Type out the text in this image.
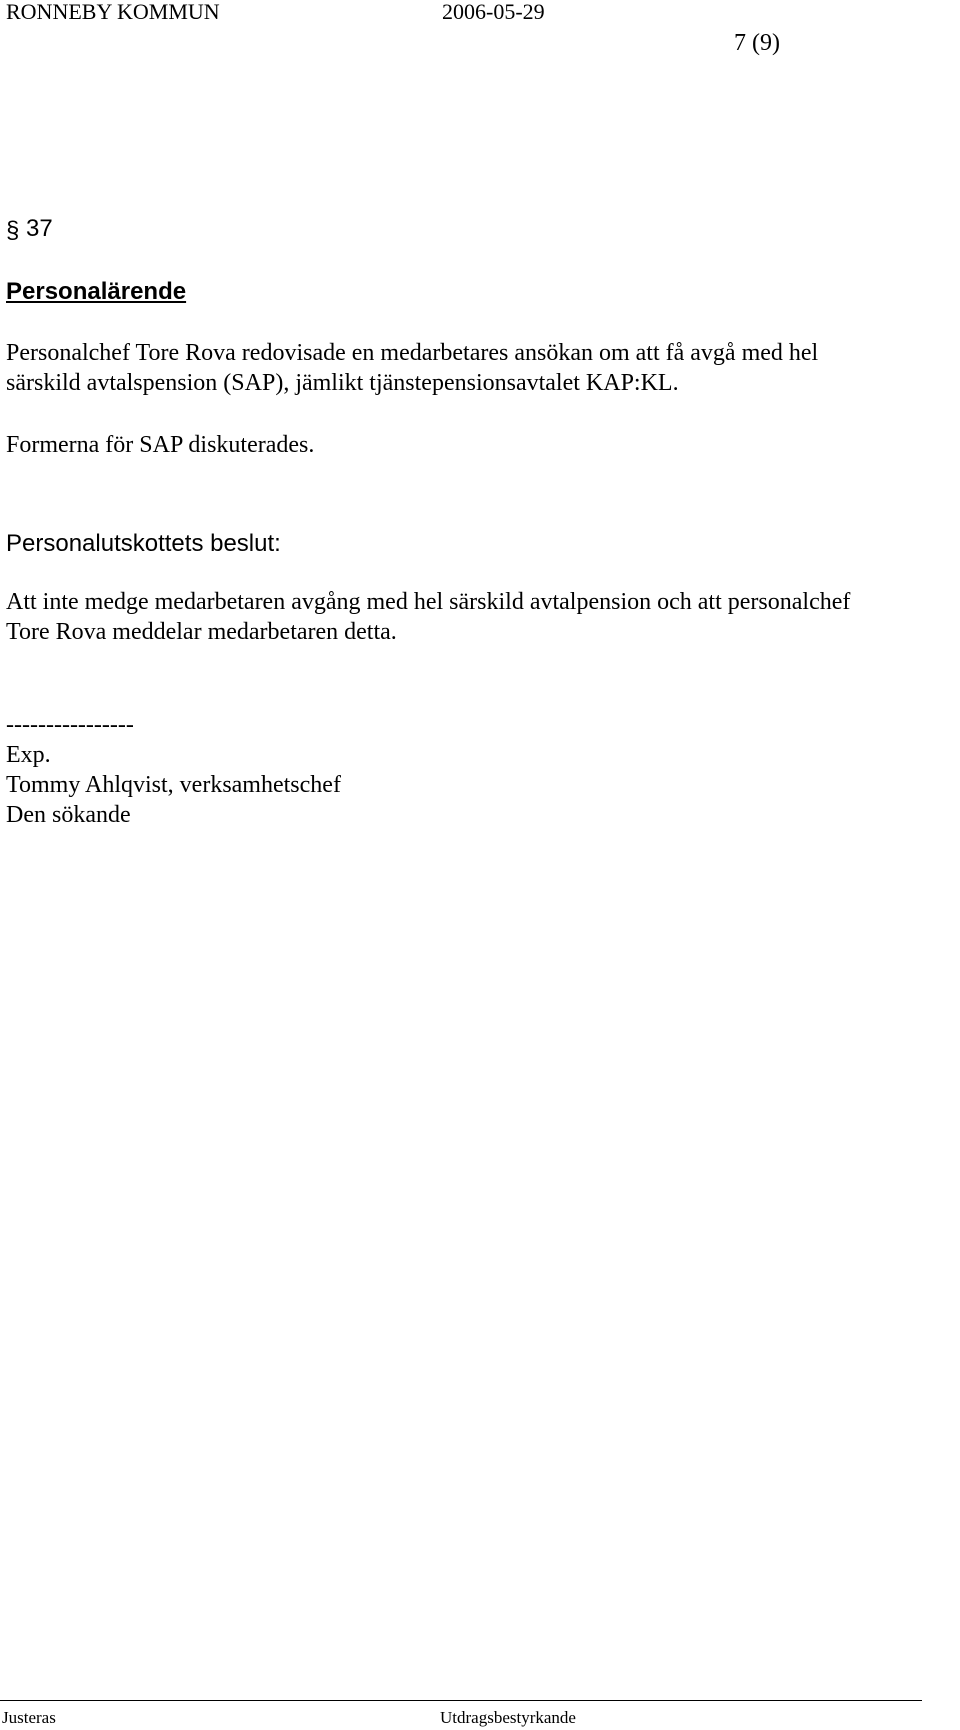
RONNEBY KOMMUN	2006-05-29
7 (9)
§ 37
Personalärende
Personalchef Tore Rova redovisade en medarbetares ansökan om att få avgå med hel
särskild avtalspension (SAP), jämlikt tjänstepensionsavtalet KAP:KL.
Formerna för SAP diskuterades.
Personalutskottets beslut:
Att inte medge medarbetaren avgång med hel särskild avtalpension och att personalchef
Tore Rova meddelar medarbetaren detta.
----------------
Exp.
Tommy Ahlqvist, verksamhetschef
Den sökande
Justeras	Utdragsbestyrkande
